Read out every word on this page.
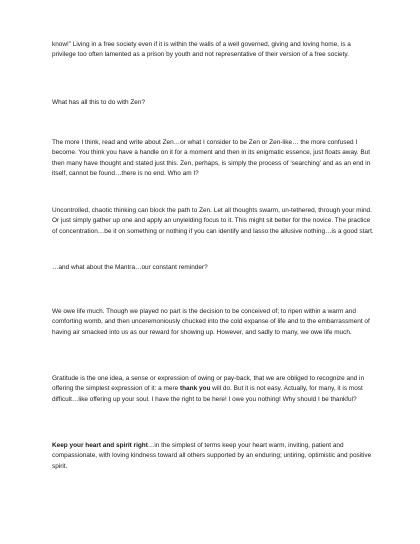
know!” Living in a free society even if it is within the walls of a well governed, giving and loving home, is a privilege too often lamented as a prison by youth and not representative of their version of a free society.

What has all this to do with Zen?

The more I think, read and write about Zen…or what I consider to be Zen or Zen-like… the more confused I become. You think you have a handle on it for a moment and then in its enigmatic essence, just floats away. But then many have thought and stated just this. Zen, perhaps, is simply the process of ‘searching’ and as an end in itself, cannot be found…there is no end. Who am I?

Uncontrolled, chaotic thinking can block the path to Zen. Let all thoughts swarm, un-tethered, through your mind. Or just simply gather up one and apply an unyielding focus to it. This might sit better for the novice. The practice of concentration…be it on something or nothing if you can identify and lasso the allusive nothing…is a good start.

…and what about the Mantra…our constant reminder?

We owe life much. Though we played no part is the decision to be conceived of; to ripen within a warm and comforting womb, and then unceremoniously chucked into the cold expanse of life and to the embarrassment of having air smacked into us as our reward for showing up. However, and sadly to many, we owe life much.

Gratitude is the one idea, a sense or expression of owing or pay-back, that we are obliged to recognize and in offering the simplest expression of it: a mere thank you will do. But it is not easy. Actually, for many, it is most difficult…like offering up your soul. I have the right to be here! I owe you nothing! Why should I be thankful?

Keep your heart and spirit right…in the simplest of terms keep your heart warm, inviting, patient and compassionate, with loving kindness toward all others supported by an enduring; untiring, optimistic and positive spirit.
